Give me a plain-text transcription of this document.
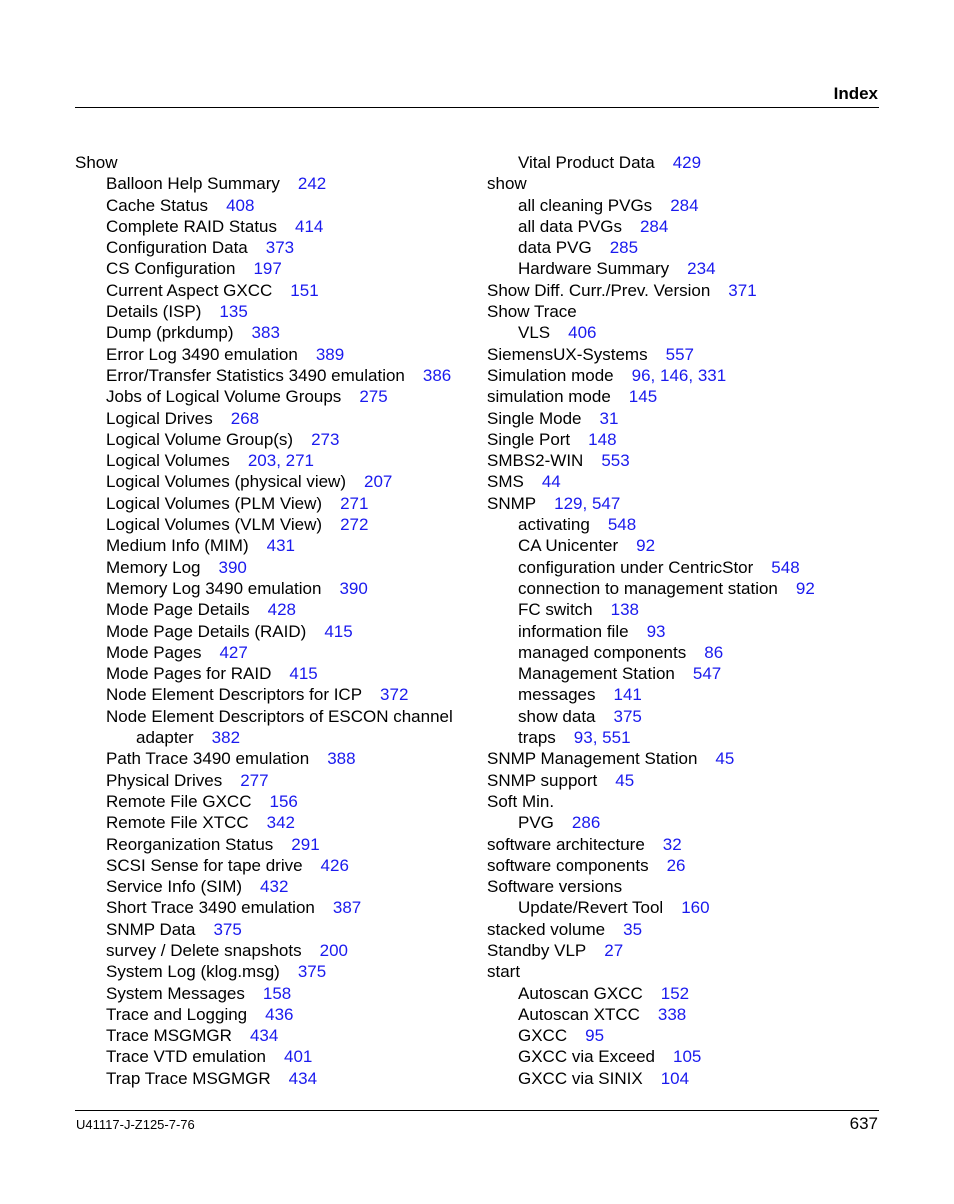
Index
Show
Balloon Help Summary 242
Cache Status 408
Complete RAID Status 414
Configuration Data 373
CS Configuration 197
Current Aspect GXCC 151
Details (ISP) 135
Dump (prkdump) 383
Error Log 3490 emulation 389
Error/Transfer Statistics 3490 emulation 386
Jobs of Logical Volume Groups 275
Logical Drives 268
Logical Volume Group(s) 273
Logical Volumes 203, 271
Logical Volumes (physical view) 207
Logical Volumes (PLM View) 271
Logical Volumes (VLM View) 272
Medium Info (MIM) 431
Memory Log 390
Memory Log 3490 emulation 390
Mode Page Details 428
Mode Page Details (RAID) 415
Mode Pages 427
Mode Pages for RAID 415
Node Element Descriptors for ICP 372
Node Element Descriptors of ESCON channel
adapter 382
Path Trace 3490 emulation 388
Physical Drives 277
Remote File GXCC 156
Remote File XTCC 342
Reorganization Status 291
SCSI Sense for tape drive 426
Service Info (SIM) 432
Short Trace 3490 emulation 387
SNMP Data 375
survey / Delete snapshots 200
System Log (klog.msg) 375
System Messages 158
Trace and Logging 436
Trace MSGMGR 434
Trace VTD emulation 401
Trap Trace MSGMGR 434
Vital Product Data 429
show
all cleaning PVGs 284
all data PVGs 284
data PVG 285
Hardware Summary 234
Show Diff. Curr./Prev. Version 371
Show Trace
VLS 406
SiemensUX-Systems 557
Simulation mode 96, 146, 331
simulation mode 145
Single Mode 31
Single Port 148
SMBS2-WIN 553
SMS 44
SNMP 129, 547
activating 548
CA Unicenter 92
configuration under CentricStor 548
connection to management station 92
FC switch 138
information file 93
managed components 86
Management Station 547
messages 141
show data 375
traps 93, 551
SNMP Management Station 45
SNMP support 45
Soft Min.
PVG 286
software architecture 32
software components 26
Software versions
Update/Revert Tool 160
stacked volume 35
Standby VLP 27
start
Autoscan GXCC 152
Autoscan XTCC 338
GXCC 95
GXCC via Exceed 105
GXCC via SINIX 104
U41117-J-Z125-7-76	637
